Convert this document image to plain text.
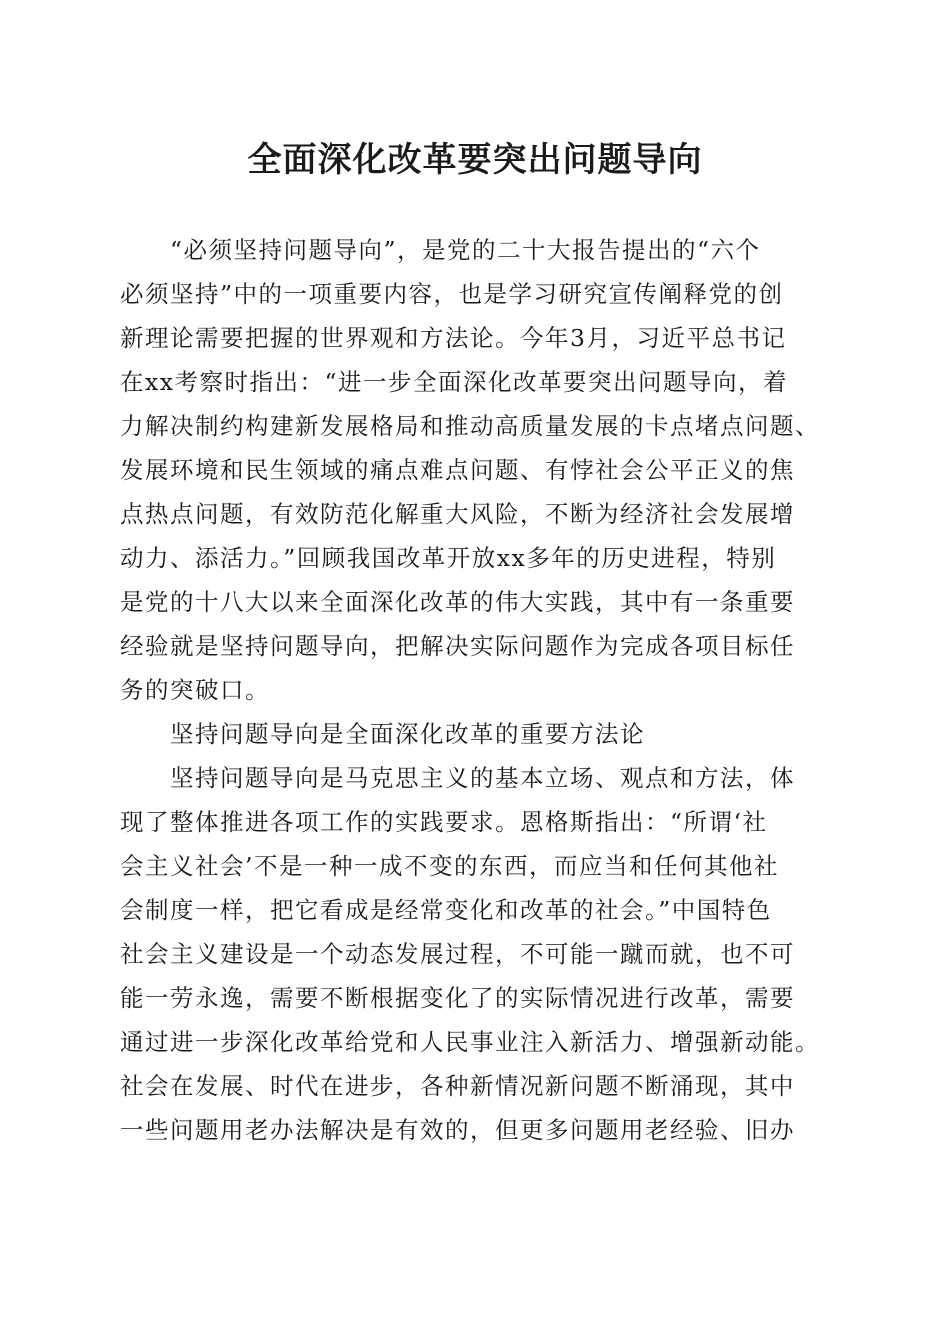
全面深化改革要突出问题导向
“必须坚持问题导向”，是党的二十大报告提出的“六个
必须坚持”中的一项重要内容，也是学习研究宣传阐释党的创
新理论需要把握的世界观和方法论。今年3月，习近平总书记
在xx考察时指出：“进一步全面深化改革要突出问题导向，着
力解决制约构建新发展格局和推动高质量发展的卡点堵点问题、
发展环境和民生领域的痛点难点问题、有悖社会公平正义的焦
点热点问题，有效防范化解重大风险，不断为经济社会发展增
动力、添活力。”回顾我国改革开放xx多年的历史进程，特别
是党的十八大以来全面深化改革的伟大实践，其中有一条重要
经验就是坚持问题导向，把解决实际问题作为完成各项目标任
务的突破口。
坚持问题导向是全面深化改革的重要方法论
坚持问题导向是马克思主义的基本立场、观点和方法，体
现了整体推进各项工作的实践要求。恩格斯指出：“所谓‘社
会主义社会’不是一种一成不变的东西，而应当和任何其他社
会制度一样，把它看成是经常变化和改革的社会。”中国特色
社会主义建设是一个动态发展过程，不可能一蹴而就，也不可
能一劳永逸，需要不断根据变化了的实际情况进行改革，需要
通过进一步深化改革给党和人民事业注入新活力、增强新动能。
社会在发展、时代在进步，各种新情况新问题不断涌现，其中
一些问题用老办法解决是有效的，但更多问题用老经验、旧办
